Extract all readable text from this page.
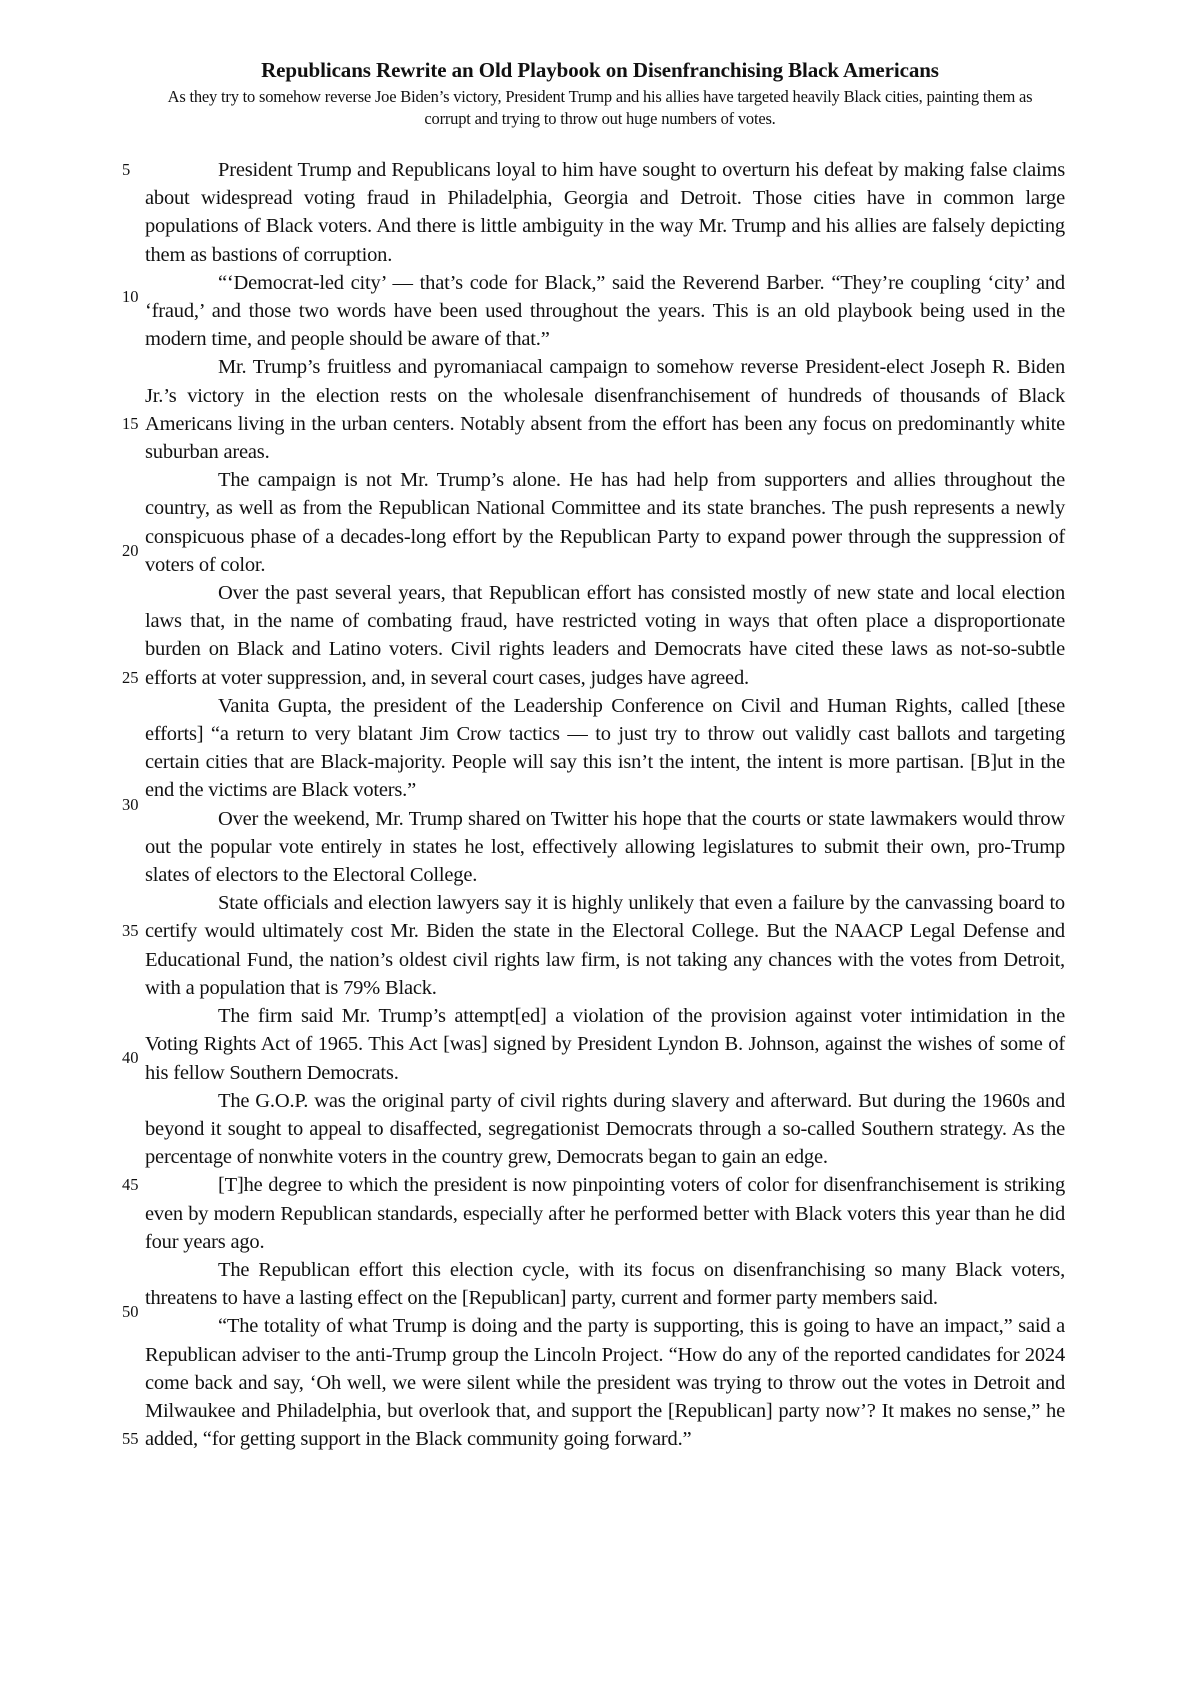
Republicans Rewrite an Old Playbook on Disenfranchising Black Americans
As they try to somehow reverse Joe Biden’s victory, President Trump and his allies have targeted heavily Black cities, painting them as corrupt and trying to throw out huge numbers of votes.
5
10
15
20
25
30
35
40
45
50
55

President Trump and Republicans loyal to him have sought to overturn his defeat by making false claims about widespread voting fraud in Philadelphia, Georgia and Detroit. Those cities have in common large populations of Black voters. And there is little ambiguity in the way Mr. Trump and his allies are falsely depicting them as bastions of corruption.

“‘Democrat-led city’ — that’s code for Black,” said the Reverend Barber. “They’re coupling ‘city’ and ‘fraud,’ and those two words have been used throughout the years. This is an old playbook being used in the modern time, and people should be aware of that.”

Mr. Trump’s fruitless and pyromaniacal campaign to somehow reverse President-elect Joseph R. Biden Jr.’s victory in the election rests on the wholesale disenfranchisement of hundreds of thousands of Black Americans living in the urban centers. Notably absent from the effort has been any focus on predominantly white suburban areas.

The campaign is not Mr. Trump’s alone. He has had help from supporters and allies throughout the country, as well as from the Republican National Committee and its state branches. The push represents a newly conspicuous phase of a decades-long effort by the Republican Party to expand power through the suppression of voters of color.

Over the past several years, that Republican effort has consisted mostly of new state and local election laws that, in the name of combating fraud, have restricted voting in ways that often place a disproportionate burden on Black and Latino voters. Civil rights leaders and Democrats have cited these laws as not-so-subtle efforts at voter suppression, and, in several court cases, judges have agreed.

Vanita Gupta, the president of the Leadership Conference on Civil and Human Rights, called [these efforts] “a return to very blatant Jim Crow tactics — to just try to throw out validly cast ballots and targeting certain cities that are Black-majority. People will say this isn’t the intent, the intent is more partisan. [B]ut in the end the victims are Black voters.”

Over the weekend, Mr. Trump shared on Twitter his hope that the courts or state lawmakers would throw out the popular vote entirely in states he lost, effectively allowing legislatures to submit their own, pro-Trump slates of electors to the Electoral College.

State officials and election lawyers say it is highly unlikely that even a failure by the canvassing board to certify would ultimately cost Mr. Biden the state in the Electoral College. But the NAACP Legal Defense and Educational Fund, the nation’s oldest civil rights law firm, is not taking any chances with the votes from Detroit, with a population that is 79% Black.

The firm said Mr. Trump’s attempt[ed] a violation of the provision against voter intimidation in the Voting Rights Act of 1965. This Act [was] signed by President Lyndon B. Johnson, against the wishes of some of his fellow Southern Democrats.

The G.O.P. was the original party of civil rights during slavery and afterward. But during the 1960s and beyond it sought to appeal to disaffected, segregationist Democrats through a so-called Southern strategy. As the percentage of nonwhite voters in the country grew, Democrats began to gain an edge.

[T]he degree to which the president is now pinpointing voters of color for disenfranchisement is striking even by modern Republican standards, especially after he performed better with Black voters this year than he did four years ago.

The Republican effort this election cycle, with its focus on disenfranchising so many Black voters, threatens to have a lasting effect on the [Republican] party, current and former party members said.

“The totality of what Trump is doing and the party is supporting, this is going to have an impact,” said a Republican adviser to the anti-Trump group the Lincoln Project. “How do any of the reported candidates for 2024 come back and say, ‘Oh well, we were silent while the president was trying to throw out the votes in Detroit and Milwaukee and Philadelphia, but overlook that, and support the [Republican] party now’? It makes no sense,” he added, “for getting support in the Black community going forward.”
